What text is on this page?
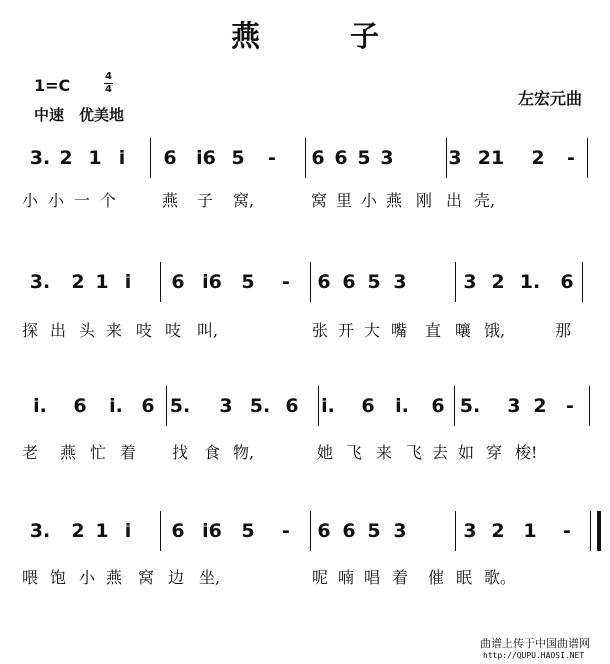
燕 子
1=C	4
4
中速　优美地
左宏元曲
3. 2 1 i 6 i6 5 - 6 6 5 3	3 21 2 -
小 小 一 个	燕 子 窝,	窝 里 小 燕 刚 出 壳,
3. 2 1 i 6 i6 5 - 6 6 5 3	3 2 1. 6
探 出 头 来 吱 吱 叫,	张 开 大 嘴 直 嚷 饿,	那
i. 6 i. 6 5. 3 5. 6 i. 6 i. 6 5. 3 2 -
老 燕 忙 着 找 食 物,	她 飞 来 飞 去 如 穿 梭!
3. 2 1 i 6 i6 5 - 6 6 5 3	3 2 1 -
喂 饱 小 燕 窝 边 坐,	呢 喃 唱 着 催 眠 歌。
曲谱上传于中国曲谱网
http://QUPU.HAOSI.NET
